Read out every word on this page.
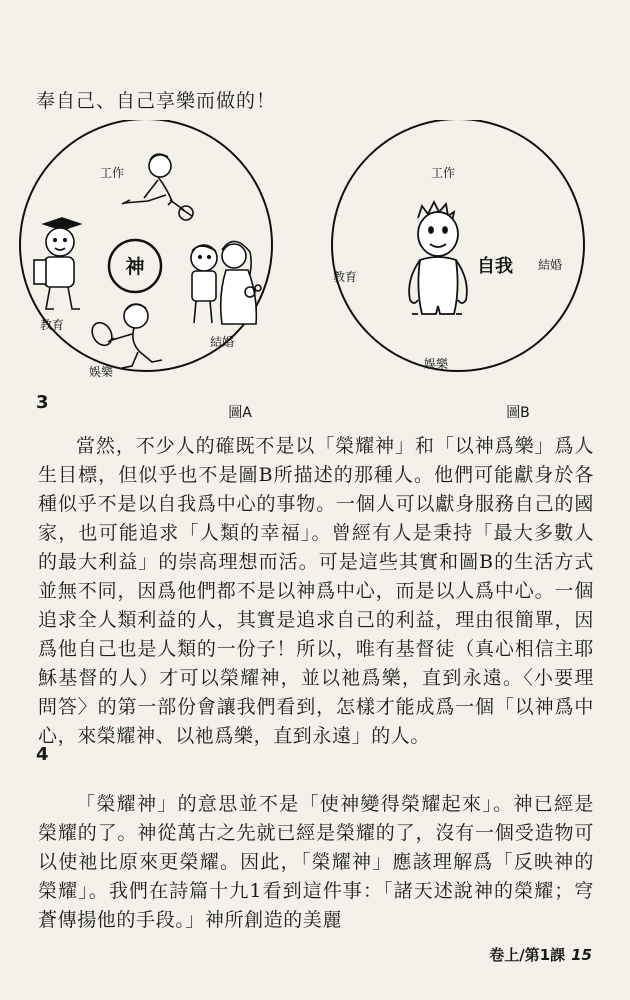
奉自己、自己享樂而做的！
神
工作
教育
結婚
娛樂
圖A
工作
教育
結婚
娛樂
自我
圖B
3

當然，不少人的確既不是以「榮耀神」和「以神爲樂」爲人生目標，但似乎也不是圖B所描述的那種人。他們可能獻身於各種似乎不是以自我爲中心的事物。一個人可以獻身服務自己的國家，也可能追求「人類的幸福」。曾經有人是秉持「最大多數人的最大利益」的崇高理想而活。可是這些其實和圖B的生活方式並無不同，因爲他們都不是以神爲中心，而是以人爲中心。一個追求全人類利益的人，其實是追求自己的利益，理由很簡單，因爲他自己也是人類的一份子！所以，唯有基督徒（真心相信主耶穌基督的人）才可以榮耀神，並以祂爲樂，直到永遠。〈小要理問答〉的第一部份會讓我們看到，怎樣才能成爲一個「以神爲中心，來榮耀神、以祂爲樂，直到永遠」的人。

4

「榮耀神」的意思並不是「使神變得榮耀起來」。神已經是榮耀的了。神從萬古之先就已經是榮耀的了，沒有一個受造物可以使祂比原來更榮耀。因此，「榮耀神」應該理解爲「反映神的榮耀」。我們在詩篇十九1看到這件事：「諸天述說神的榮耀；穹蒼傳揚他的手段。」神所創造的美麗

卷上/第1課 15
